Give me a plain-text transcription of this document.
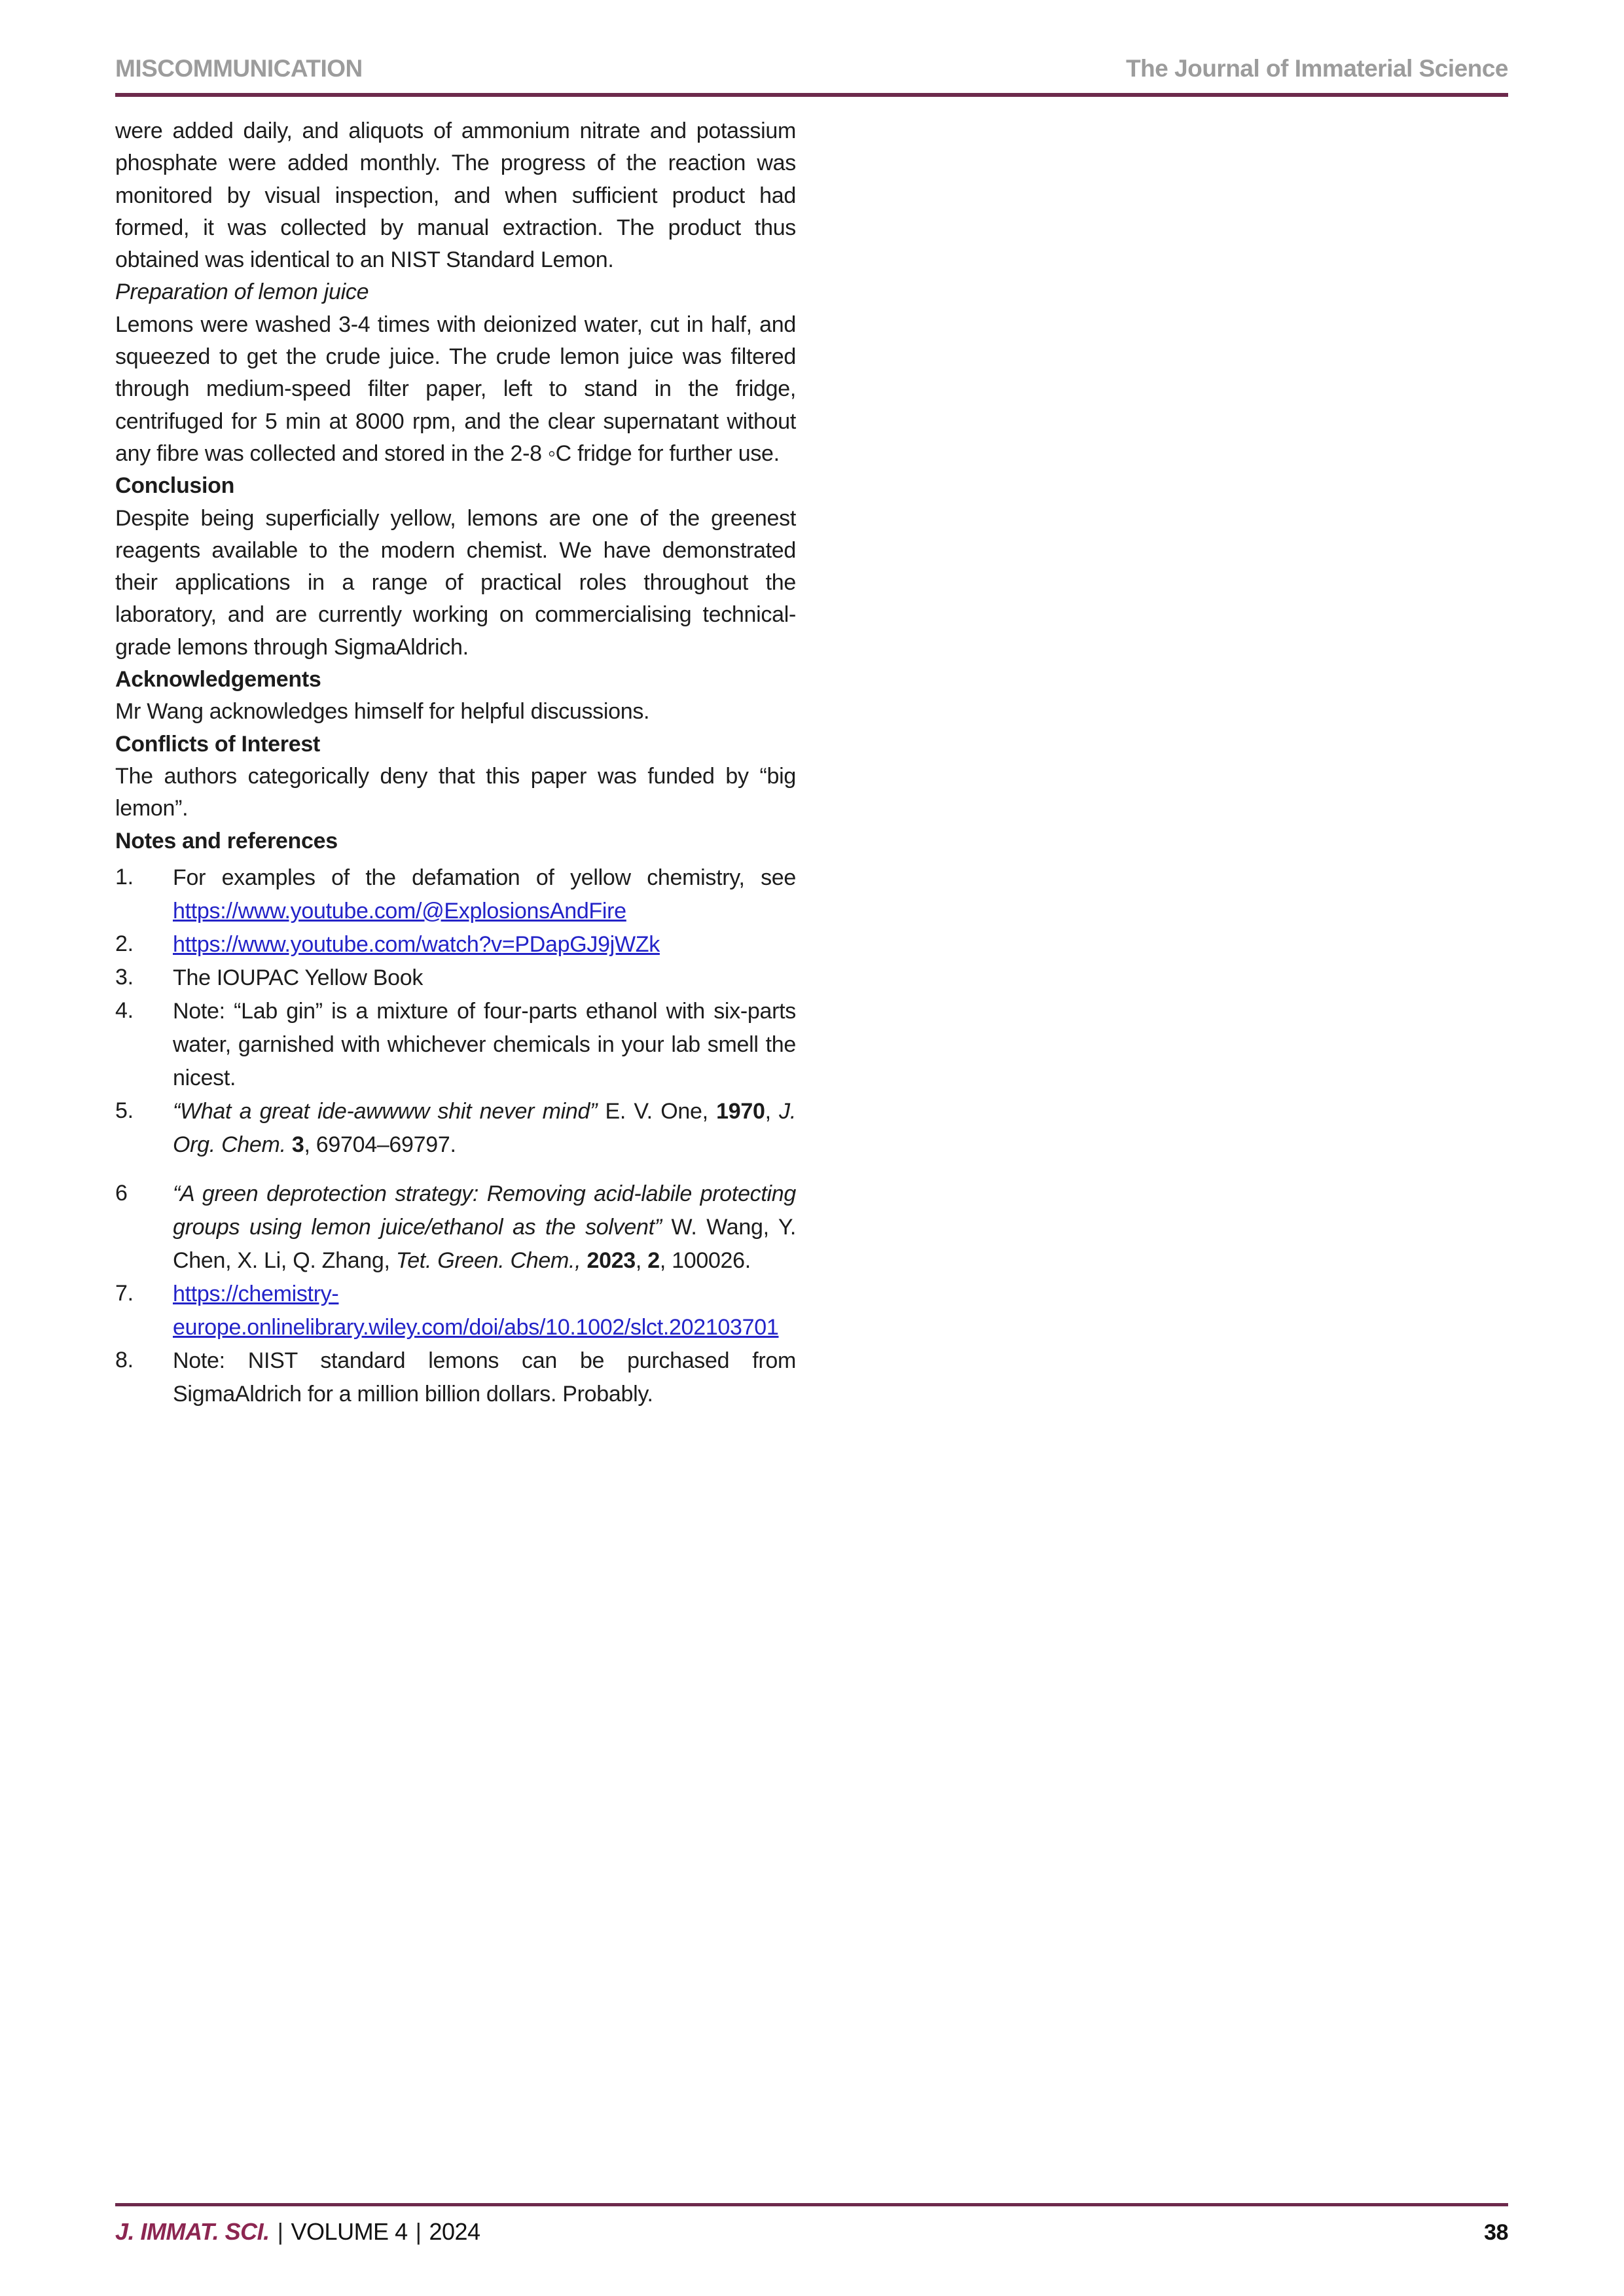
MISCOMMUNICATION	The Journal of Immaterial Science

were added daily, and aliquots of ammonium nitrate and potassium phosphate were added monthly. The progress of the reaction was monitored by visual inspection, and when sufficient product had formed, it was collected by manual extraction. The product thus obtained was identical to an NIST Standard Lemon.

Preparation of lemon juice

Lemons were washed 3-4 times with deionized water, cut in half, and squeezed to get the crude juice. The crude lemon juice was filtered through medium-speed filter paper, left to stand in the fridge, centrifuged for 5 min at 8000 rpm, and the clear supernatant without any fibre was collected and stored in the 2-8 ◦C fridge for further use.

Conclusion

Despite being superficially yellow, lemons are one of the greenest reagents available to the modern chemist. We have demonstrated their applications in a range of practical roles throughout the laboratory, and are currently working on commercialising technical-grade lemons through SigmaAldrich.

Acknowledgements

Mr Wang acknowledges himself for helpful discussions.

Conflicts of Interest

The authors categorically deny that this paper was funded by “big lemon”.

Notes and references

1.	For examples of the defamation of yellow chemistry, see https://www.youtube.com/@ExplosionsAndFire
2.	https://www.youtube.com/watch?v=PDapGJ9jWZk
3.	The IOUPAC Yellow Book
4.	Note: “Lab gin” is a mixture of four-parts ethanol with six-parts water, garnished with whichever chemicals in your lab smell the nicest.
5.	“What a great ide-awwww shit never mind” E. V. One, 1970, J. Org. Chem. 3, 69704–69797.
6	“A green deprotection strategy: Removing acid-labile protecting groups using lemon juice/ethanol as the solvent” W. Wang, Y. Chen, X. Li, Q. Zhang, Tet. Green. Chem., 2023, 2, 100026.
7.	https://chemistry-europe.onlinelibrary.wiley.com/doi/abs/10.1002/slct.202103701
8.	Note: NIST standard lemons can be purchased from SigmaAldrich for a million billion dollars. Probably.
J. IMMAT. SCI. | VOLUME 4 | 2024	38
